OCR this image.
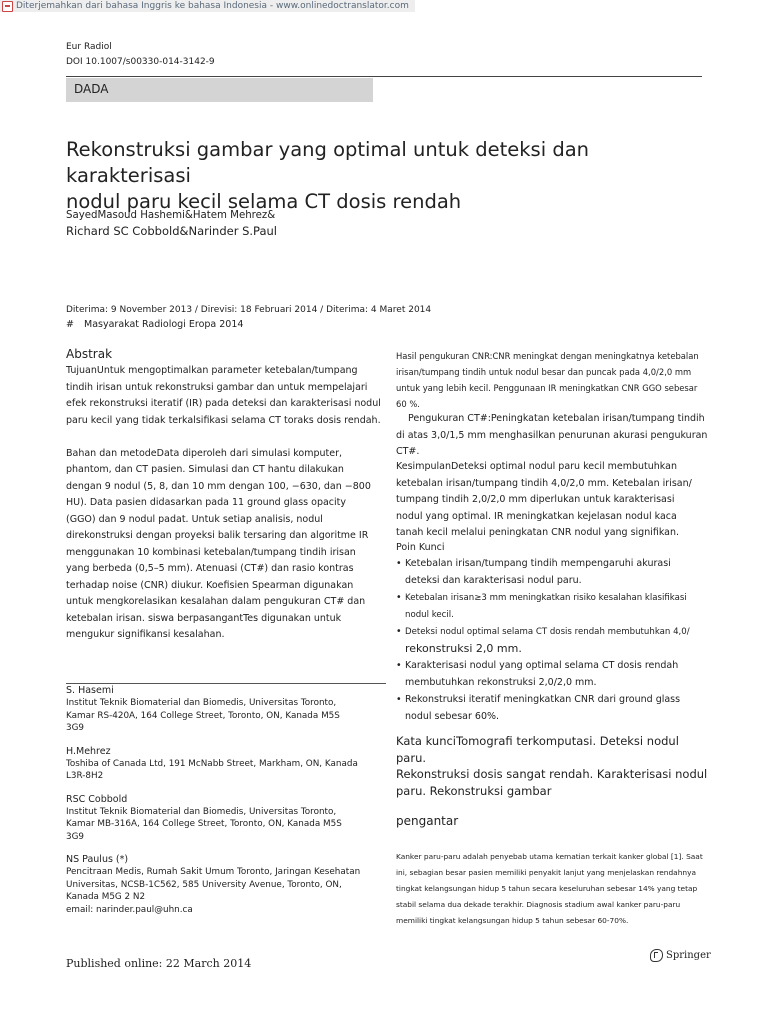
Diterjemahkan dari bahasa Inggris ke bahasa Indonesia - www.onlinedoctranslator.com
Eur Radiol
DOI 10.1007/s00330-014-3142-9
DADA
Rekonstruksi gambar yang optimal untuk deteksi dan karakterisasi
nodul paru kecil selama CT dosis rendah
SayedMasoud Hashemi&Hatem Mehrez&
Richard SC Cobbold&Narinder S.Paul
Diterima: 9 November 2013 / Direvisi: 18 Februari 2014 / Diterima: 4 Maret 2014
# Masyarakat Radiologi Eropa 2014
Abstrak
TujuanUntuk mengoptimalkan parameter ketebalan/tumpang
tindih irisan untuk rekonstruksi gambar dan untuk mempelajari
efek rekonstruksi iteratif (IR) pada deteksi dan karakterisasi nodul
paru kecil yang tidak terkalsifikasi selama CT toraks dosis rendah.
Bahan dan metodeData diperoleh dari simulasi komputer,
phantom, dan CT pasien. Simulasi dan CT hantu dilakukan
dengan 9 nodul (5, 8, dan 10 mm dengan 100, −630, dan −800
HU). Data pasien didasarkan pada 11 ground glass opacity
(GGO) dan 9 nodul padat. Untuk setiap analisis, nodul
direkonstruksi dengan proyeksi balik tersaring dan algoritme IR
menggunakan 10 kombinasi ketebalan/tumpang tindih irisan
yang berbeda (0,5–5 mm). Atenuasi (CT#) dan rasio kontras
terhadap noise (CNR) diukur. Koefisien Spearman digunakan
untuk mengkorelasikan kesalahan dalam pengukuran CT# dan
ketebalan irisan. siswa berpasangantTes digunakan untuk
mengukur signifikansi kesalahan.
S. Hasemi
Institut Teknik Biomaterial dan Biomedis, Universitas Toronto,
Kamar RS-420A, 164 College Street, Toronto, ON, Kanada M5S
3G9
H.Mehrez
Toshiba of Canada Ltd, 191 McNabb Street, Markham, ON, Kanada
L3R-8H2
RSC Cobbold
Institut Teknik Biomaterial dan Biomedis, Universitas Toronto,
Kamar MB-316A, 164 College Street, Toronto, ON, Kanada M5S
3G9
NS Paulus (*)
Pencitraan Medis, Rumah Sakit Umum Toronto, Jaringan Kesehatan
Universitas, NCSB-1C562, 585 University Avenue, Toronto, ON,
Kanada M5G 2 N2
email: narinder.paul@uhn.ca
Hasil pengukuran CNR:CNR meningkat dengan meningkatnya ketebalan
irisan/tumpang tindih untuk nodul besar dan puncak pada 4,0/2,0 mm
untuk yang lebih kecil. Penggunaan IR meningkatkan CNR GGO sebesar
60 %.
Pengukuran CT#:Peningkatan ketebalan irisan/tumpang tindih
di atas 3,0/1,5 mm menghasilkan penurunan akurasi pengukuran
CT#.
KesimpulanDeteksi optimal nodul paru kecil membutuhkan
ketebalan irisan/tumpang tindih 4,0/2,0 mm. Ketebalan irisan/
tumpang tindih 2,0/2,0 mm diperlukan untuk karakterisasi
nodul yang optimal. IR meningkatkan kejelasan nodul kaca
tanah kecil melalui peningkatan CNR nodul yang signifikan.
Poin Kunci
• Ketebalan irisan/tumpang tindih mempengaruhi akurasi
deteksi dan karakterisasi nodul paru.
• Ketebalan irisan≥3 mm meningkatkan risiko kesalahan klasifikasi
nodul kecil.
• Deteksi nodul optimal selama CT dosis rendah membutuhkan 4,0/
rekonstruksi 2,0 mm.
• Karakterisasi nodul yang optimal selama CT dosis rendah
membutuhkan rekonstruksi 2,0/2,0 mm.
• Rekonstruksi iteratif meningkatkan CNR dari ground glass
nodul sebesar 60%.
Kata kunciTomografi terkomputasi. Deteksi nodul paru.
Rekonstruksi dosis sangat rendah. Karakterisasi nodul
paru. Rekonstruksi gambar
pengantar
Kanker paru-paru adalah penyebab utama kematian terkait kanker global [1]. Saat
ini, sebagian besar pasien memiliki penyakit lanjut yang menjelaskan rendahnya
tingkat kelangsungan hidup 5 tahun secara keseluruhan sebesar 14% yang tetap
stabil selama dua dekade terakhir. Diagnosis stadium awal kanker paru-paru
memiliki tingkat kelangsungan hidup 5 tahun sebesar 60-70%.
Published online: 22 March 2014
Springer
